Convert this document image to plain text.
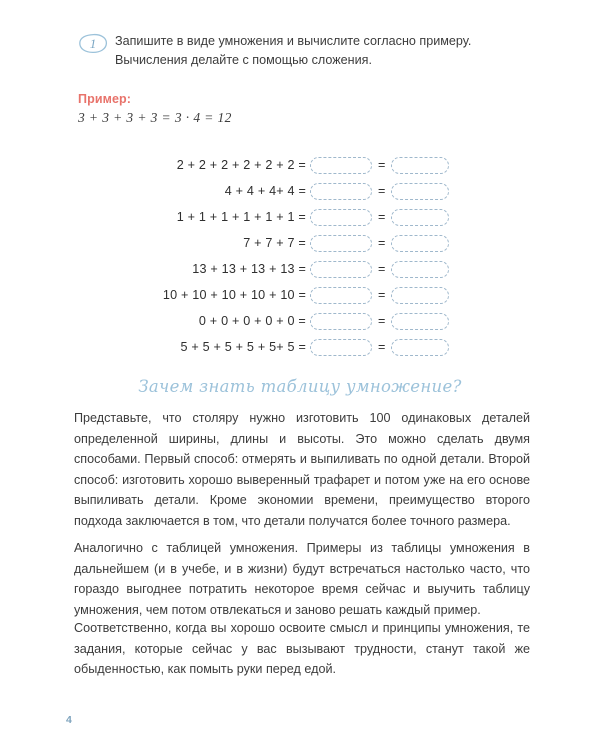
1	Запишите в виде умножения и вычислите согласно примеру. Вычисления делайте с помощью сложения.
Пример:
3 + 3 + 3 + 3 = 3 · 4 = 12
2 + 2 + 2 + 2 + 2 + 2 =	=
4 + 4 + 4+ 4 =	=
1 + 1 + 1 + 1 + 1 + 1 =	=
7 + 7 + 7 =	=
13 + 13 + 13 + 13 =	=
10 + 10 + 10 + 10 + 10 =	=
0 + 0 + 0 + 0 + 0 =	=
5 + 5 + 5 + 5 + 5+ 5 =	=
Зачем знать таблицу умножение?

Представьте, что столяру нужно изготовить 100 одинаковых деталей определенной ширины, длины и высоты. Это можно сделать двумя способами. Первый способ: отмерять и выпиливать по одной детали. Второй способ: изготовить хорошо выверенный трафарет и потом уже на его основе выпиливать детали. Кроме экономии времени, преимущество второго подхода заключается в том, что детали получатся более точного размера.

Аналогично с таблицей умножения. Примеры из таблицы умножения в дальнейшем (и в учебе, и в жизни) будут встречаться настолько часто, что гораздо выгоднее потратить некоторое время сейчас и выучить таблицу умножения, чем потом отвлекаться и заново решать каждый пример.

Соответственно, когда вы хорошо освоите смысл и принципы умножения, те задания, которые сейчас у вас вызывают трудности, станут такой же обыденностью, как помыть руки перед едой.

4
